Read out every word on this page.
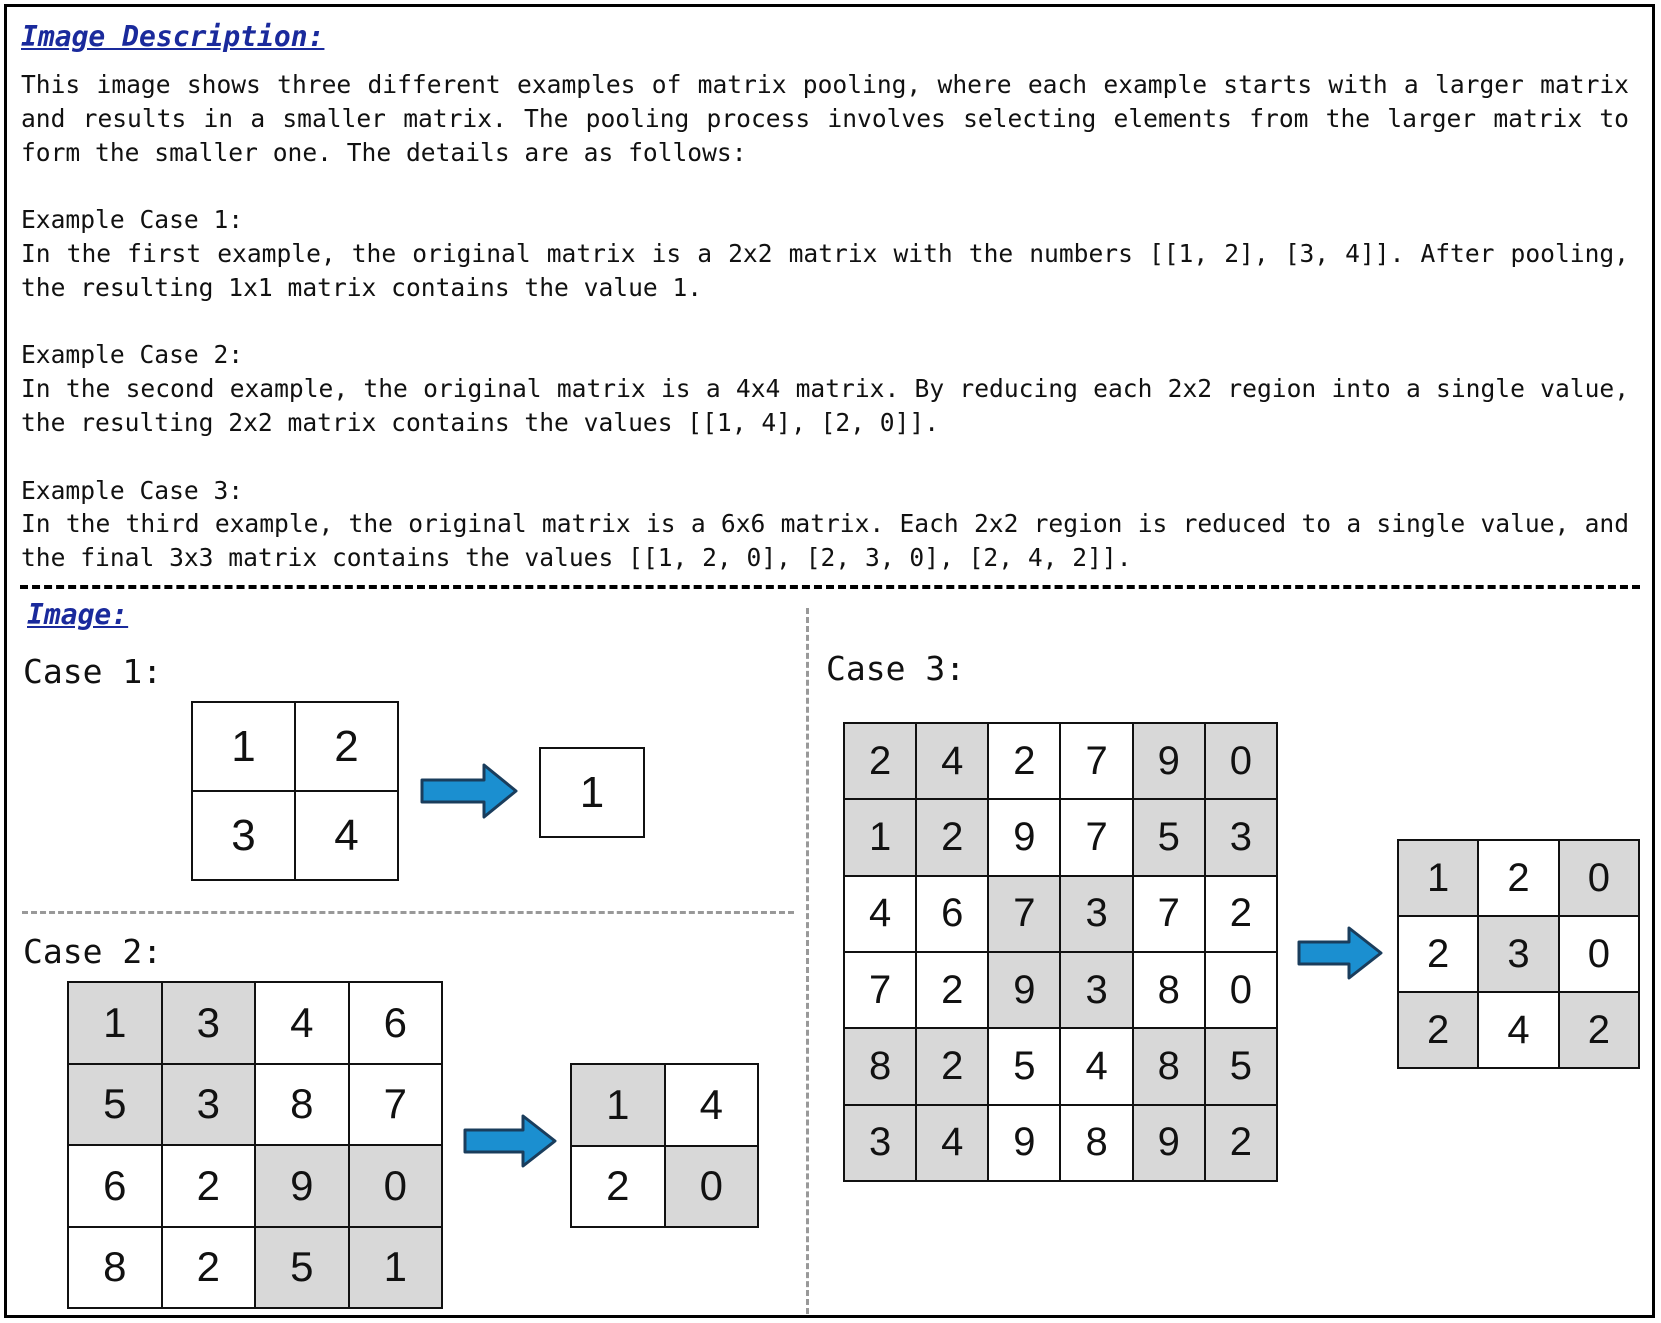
Image Description:

This image shows three different examples of matrix pooling, where each example starts with a larger matrix and results in a smaller matrix. The pooling process involves selecting elements from the larger matrix to form the smaller one. The details are as follows:

Example Case 1:

In the first example, the original matrix is a 2x2 matrix with the numbers [[1, 2], [3, 4]]. After pooling, the resulting 1x1 matrix contains the value 1.

Example Case 2:

In the second example, the original matrix is a 4x4 matrix. By reducing each 2x2 region into a single value, the resulting 2x2 matrix contains the values [[1, 4], [2, 0]].

Example Case 3:

In the third example, the original matrix is a 6x6 matrix. Each 2x2 region is reduced to a single value, and the final 3x3 matrix contains the values [[1, 2, 0], [2, 3, 0], [2, 4, 2]].

Image:
Case 1:
1	2
3	4
1
Case 2:
1	3	4	6
5	3	8	7
6	2	9	0
8	2	5	1
1	4
2	0
Case 3:
2	4	2	7	9	0
1	2	9	7	5	3
4	6	7	3	7	2
7	2	9	3	8	0
8	2	5	4	8	5
3	4	9	8	9	2
1	2	0
2	3	0
2	4	2
